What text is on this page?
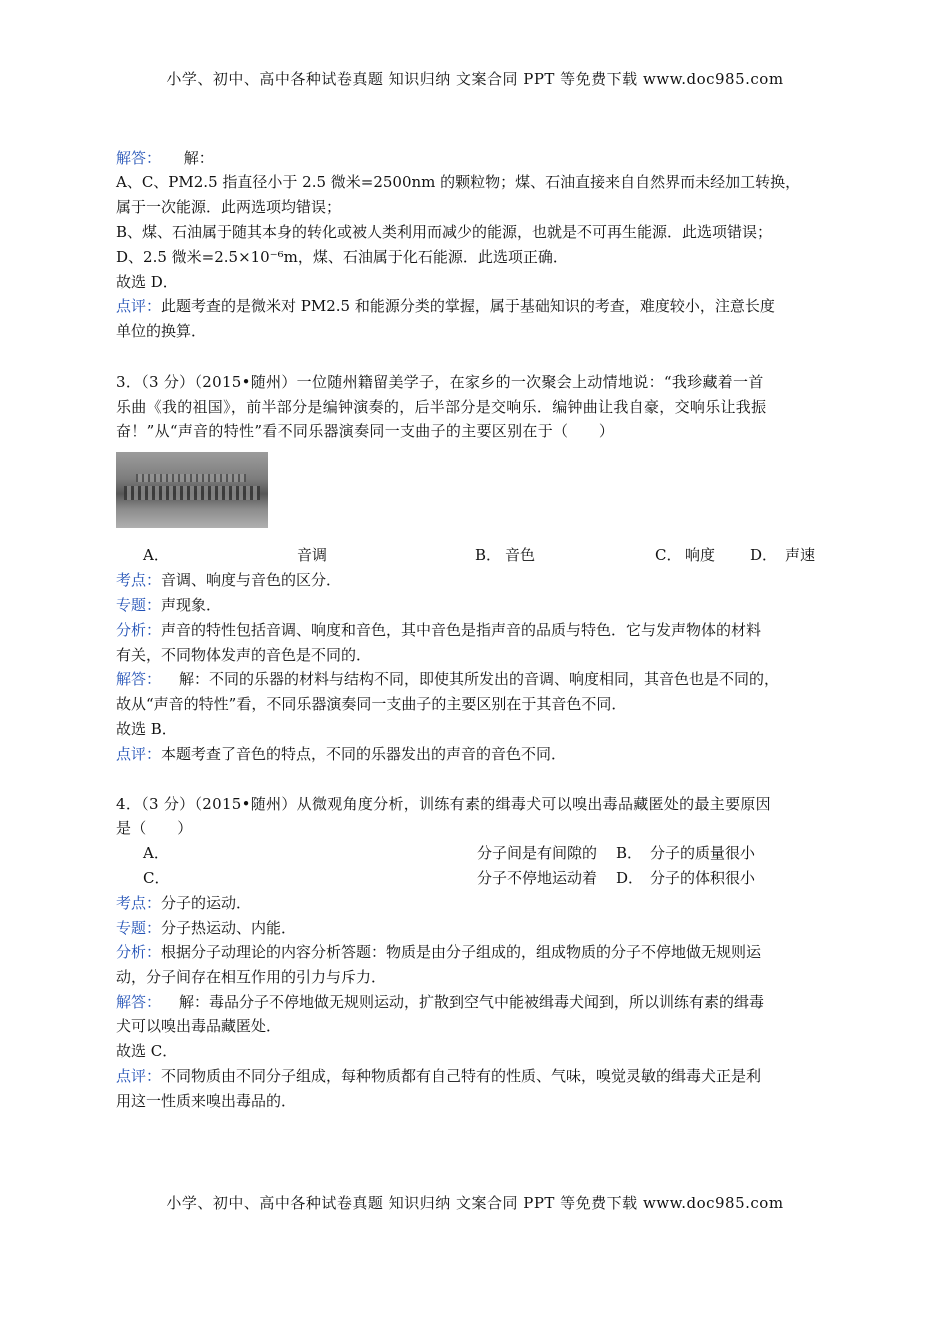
小学、初中、高中各种试卷真题 知识归纳 文案合同 PPT 等免费下载 www.doc985.com
解答： 解：
A、C、PM2.5 指直径小于 2.5 微米=2500nm 的颗粒物；煤、石油直接来自自然界而未经加工转换，
属于一次能源．此两选项均错误；
B、煤、石油属于随其本身的转化或被人类利用而减少的能源，也就是不可再生能源．此选项错误；
D、2.5 微米=2.5×10⁻⁶m，煤、石油属于化石能源．此选项正确．
故选 D．
点评：此题考查的是微米对 PM2.5 和能源分类的掌握，属于基础知识的考查，难度较小，注意长度
单位的换算．
3．（3 分）（2015•随州）一位随州籍留美学子，在家乡的一次聚会上动情地说：“我珍藏着一首
乐曲《我的祖国》，前半部分是编钟演奏的，后半部分是交响乐．编钟曲让我自豪，交响乐让我振
奋！”从“声音的特性”看不同乐器演奏同一支曲子的主要区别在于（　　）
A．	音调	B． 音色	C． 响度 D． 声速
考点：音调、响度与音色的区分．
专题：声现象．
分析：声音的特性包括音调、响度和音色，其中音色是指声音的品质与特色．它与发声物体的材料
有关，不同物体发声的音色是不同的．
解答： 解：不同的乐器的材料与结构不同，即使其所发出的音调、响度相同，其音色也是不同的，
故从“声音的特性”看，不同乐器演奏同一支曲子的主要区别在于其音色不同．
故选 B．
点评：本题考查了音色的特点，不同的乐器发出的声音的音色不同．
4．（3 分）（2015•随州）从微观角度分析，训练有素的缉毒犬可以嗅出毒品藏匿处的最主要原因
是（　　）
A．	分子间是有间隙的 B． 分子的质量很小
C．	分子不停地运动着 D． 分子的体积很小
考点：分子的运动．
专题：分子热运动、内能．
分析：根据分子动理论的内容分析答题：物质是由分子组成的，组成物质的分子不停地做无规则运
动，分子间存在相互作用的引力与斥力．
解答： 解：毒品分子不停地做无规则运动，扩散到空气中能被缉毒犬闻到，所以训练有素的缉毒
犬可以嗅出毒品藏匿处．
故选 C．
点评：不同物质由不同分子组成，每种物质都有自己特有的性质、气味，嗅觉灵敏的缉毒犬正是利
用这一性质来嗅出毒品的．
小学、初中、高中各种试卷真题 知识归纳 文案合同 PPT 等免费下载 www.doc985.com
